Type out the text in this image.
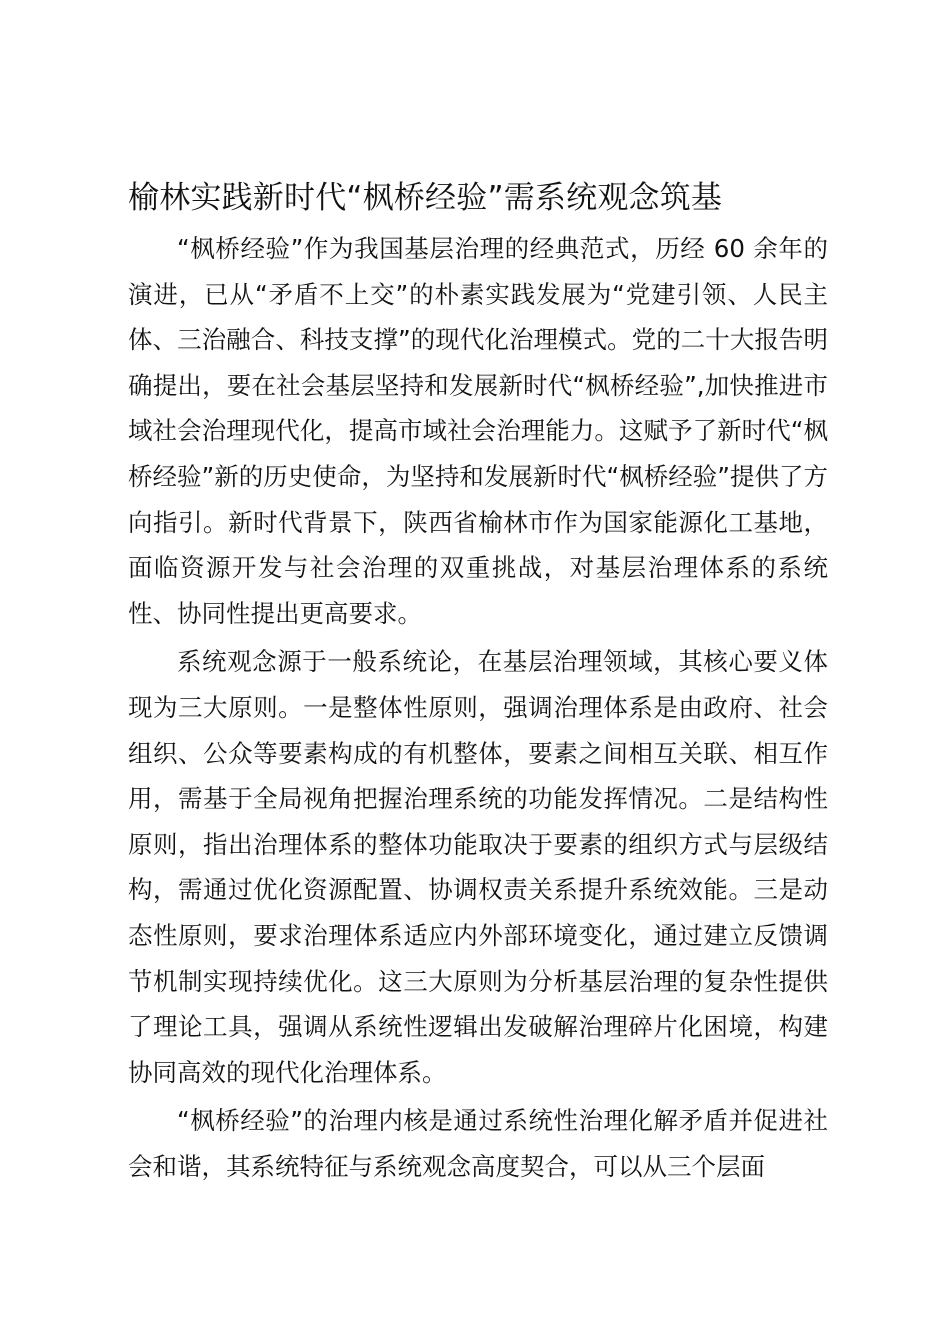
榆林实践新时代“枫桥经验”需系统观念筑基

“枫桥经验”作为我国基层治理的经典范式，历经 60 余年的演进，已从“矛盾不上交”的朴素实践发展为“党建引领、人民主体、三治融合、科技支撑”的现代化治理模式。党的二十大报告明确提出，要在社会基层坚持和发展新时代“枫桥经验”,加快推进市域社会治理现代化，提高市域社会治理能力。这赋予了新时代“枫桥经验”新的历史使命，为坚持和发展新时代“枫桥经验”提供了方向指引。新时代背景下，陕西省榆林市作为国家能源化工基地，面临资源开发与社会治理的双重挑战，对基层治理体系的系统性、协同性提出更高要求。

系统观念源于一般系统论，在基层治理领域，其核心要义体现为三大原则。一是整体性原则，强调治理体系是由政府、社会组织、公众等要素构成的有机整体，要素之间相互关联、相互作用，需基于全局视角把握治理系统的功能发挥情况。二是结构性原则，指出治理体系的整体功能取决于要素的组织方式与层级结构，需通过优化资源配置、协调权责关系提升系统效能。三是动态性原则，要求治理体系适应内外部环境变化，通过建立反馈调节机制实现持续优化。这三大原则为分析基层治理的复杂性提供了理论工具，强调从系统性逻辑出发破解治理碎片化困境，构建协同高效的现代化治理体系。

“枫桥经验”的治理内核是通过系统性治理化解矛盾并促进社会和谐，其系统特征与系统观念高度契合，可以从三个层面
